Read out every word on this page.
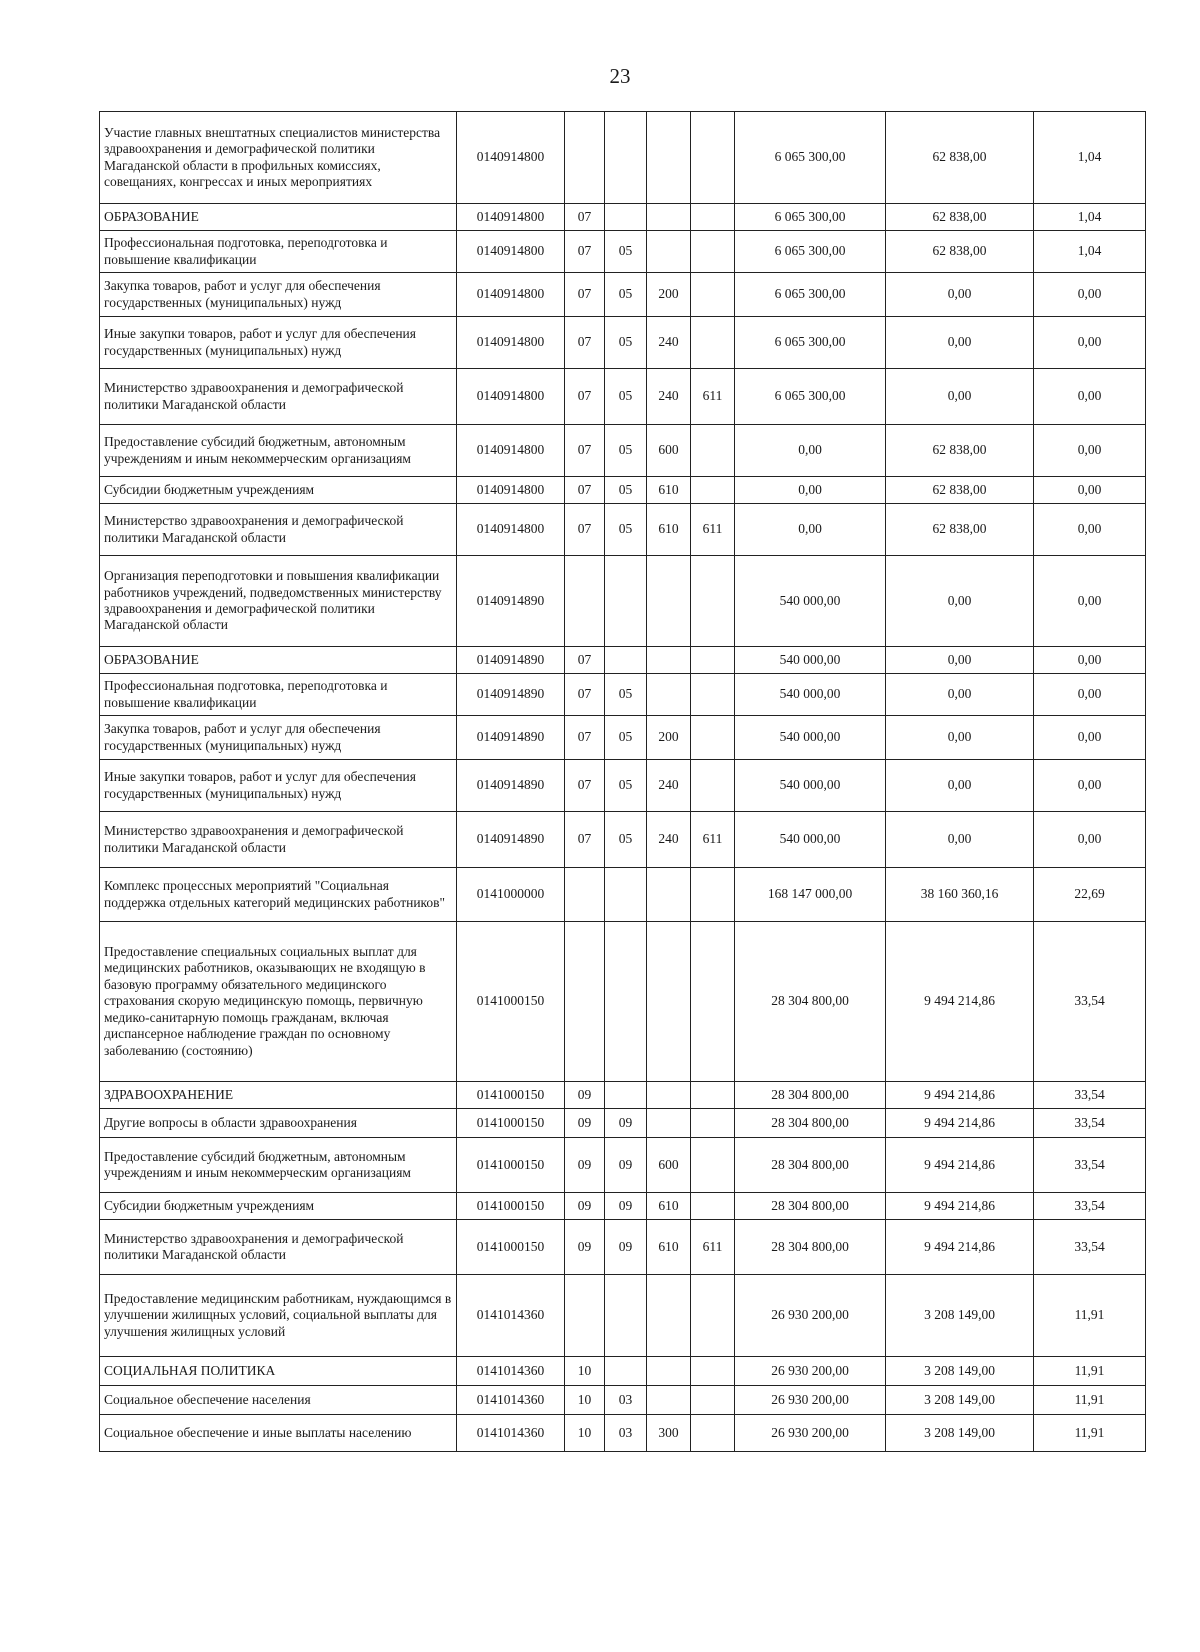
23
Участие главных внештатных специалистов министерства здравоохранения и демографической политики Магаданской области в профильных комиссиях, совещаниях, конгрессах и иных мероприятиях	0140914800					6 065 300,00	62 838,00	1,04
ОБРАЗОВАНИЕ	0140914800	07				6 065 300,00	62 838,00	1,04
Профессиональная подготовка, переподготовка и повышение квалификации	0140914800	07	05			6 065 300,00	62 838,00	1,04
Закупка товаров, работ и услуг для обеспечения государственных (муниципальных) нужд	0140914800	07	05	200		6 065 300,00	0,00	0,00
Иные закупки товаров, работ и услуг для обеспечения государственных (муниципальных) нужд	0140914800	07	05	240		6 065 300,00	0,00	0,00
Министерство здравоохранения и демографической политики Магаданской области	0140914800	07	05	240	611	6 065 300,00	0,00	0,00
Предоставление субсидий бюджетным, автономным учреждениям и иным некоммерческим организациям	0140914800	07	05	600		0,00	62 838,00	0,00
Субсидии бюджетным учреждениям	0140914800	07	05	610		0,00	62 838,00	0,00
Министерство здравоохранения и демографической политики Магаданской области	0140914800	07	05	610	611	0,00	62 838,00	0,00
Организация переподготовки и повышения квалификации работников учреждений, подведомственных министерству здравоохранения и демографической политики Магаданской области	0140914890					540 000,00	0,00	0,00
ОБРАЗОВАНИЕ	0140914890	07				540 000,00	0,00	0,00
Профессиональная подготовка, переподготовка и повышение квалификации	0140914890	07	05			540 000,00	0,00	0,00
Закупка товаров, работ и услуг для обеспечения государственных (муниципальных) нужд	0140914890	07	05	200		540 000,00	0,00	0,00
Иные закупки товаров, работ и услуг для обеспечения государственных (муниципальных) нужд	0140914890	07	05	240		540 000,00	0,00	0,00
Министерство здравоохранения и демографической политики Магаданской области	0140914890	07	05	240	611	540 000,00	0,00	0,00
Комплекс процессных мероприятий "Социальная поддержка отдельных категорий медицинских работников"	0141000000					168 147 000,00	38 160 360,16	22,69
Предоставление специальных социальных выплат для медицинских работников, оказывающих не входящую в базовую программу обязательного медицинского страхования скорую медицинскую помощь, первичную медико-санитарную помощь гражданам, включая диспансерное наблюдение граждан по основному заболеванию (состоянию)	0141000150					28 304 800,00	9 494 214,86	33,54
ЗДРАВООХРАНЕНИЕ	0141000150	09				28 304 800,00	9 494 214,86	33,54
Другие вопросы в области здравоохранения	0141000150	09	09			28 304 800,00	9 494 214,86	33,54
Предоставление субсидий бюджетным, автономным учреждениям и иным некоммерческим организациям	0141000150	09	09	600		28 304 800,00	9 494 214,86	33,54
Субсидии бюджетным учреждениям	0141000150	09	09	610		28 304 800,00	9 494 214,86	33,54
Министерство здравоохранения и демографической политики Магаданской области	0141000150	09	09	610	611	28 304 800,00	9 494 214,86	33,54
Предоставление медицинским работникам, нуждающимся в улучшении жилищных условий, социальной выплаты для улучшения жилищных условий	0141014360					26 930 200,00	3 208 149,00	11,91
СОЦИАЛЬНАЯ ПОЛИТИКА	0141014360	10				26 930 200,00	3 208 149,00	11,91
Социальное обеспечение населения	0141014360	10	03			26 930 200,00	3 208 149,00	11,91
Социальное обеспечение и иные выплаты населению	0141014360	10	03	300		26 930 200,00	3 208 149,00	11,91
